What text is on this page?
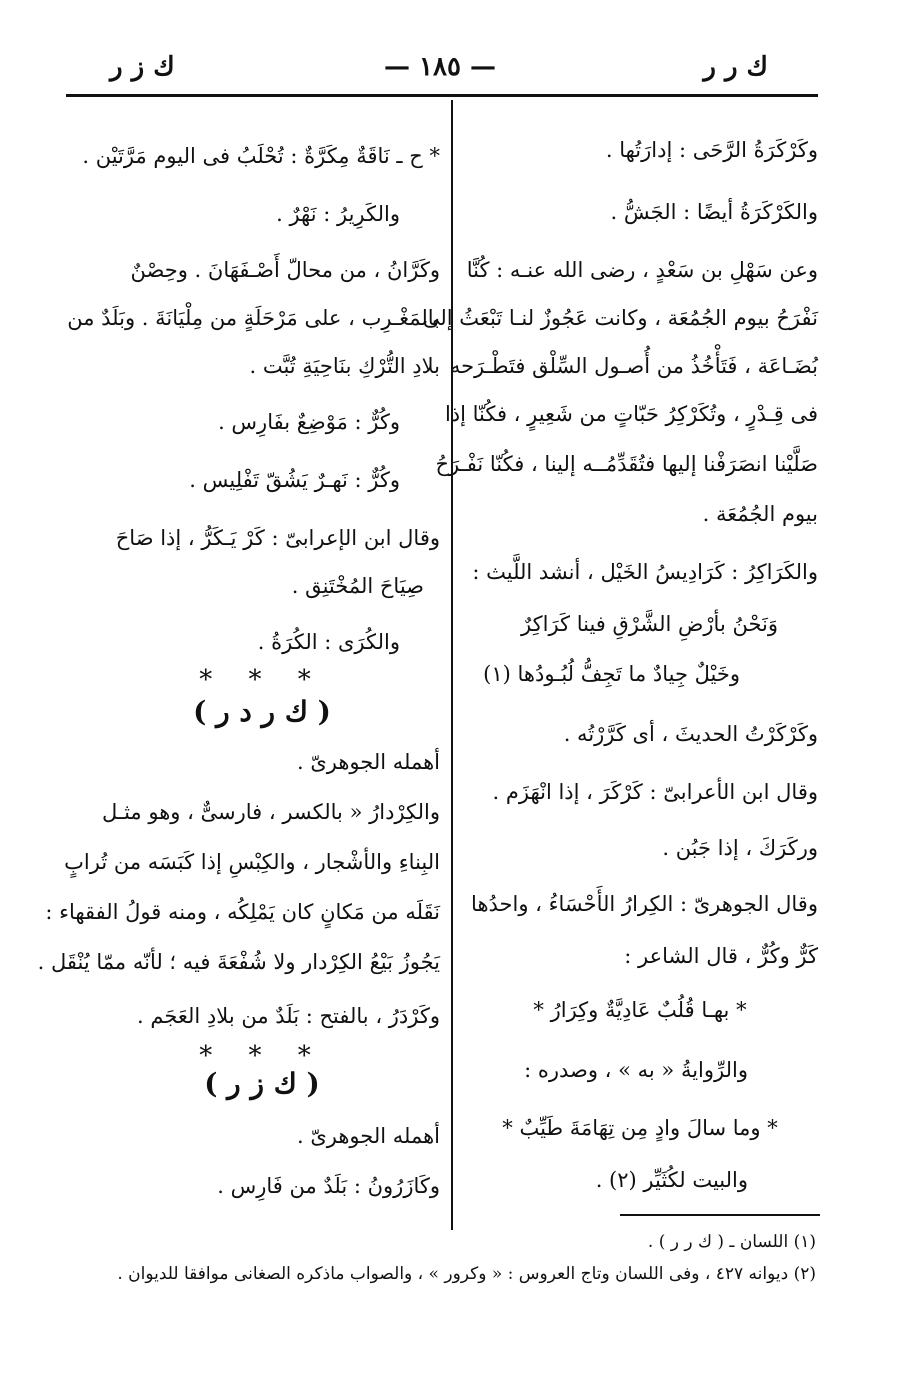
ك ر ر
— ١٨٥ —
ك ز ر
وكَرْكَرَةُ الرَّحَى : إدارَتُها .
والكَرْكَرَةُ أيضًا : الجَشُّ .
وعن سَهْلِ بن سَعْدٍ ، رضى الله عنـه : كُنَّا
نَفْرَحُ بيوم الجُمُعَة ، وكانت عَجُوزٌ لنـا تَبْعَثُ إلى
بُضَـاعَة ، فَتَأْخُذُ من أُصـول السِّلْق فتَطْـرَحه
فى قِـدْرٍ ، وتُكَرْكِرُ حَبّاتٍ من شَعِيرٍ ، فكُنّا إذا
صَلَّيْنا انصَرَفْنا إليها فتُقَدِّمُــه إلينا ، فكُنّا نَفْـرَحُ
بيوم الجُمُعَة .
والكَرَاكِرُ : كَرَادِيسُ الخَيْل ، أنشد اللَّيث :
وَنَحْنُ بأرْضِ الشَّرْقِ فينا كَرَاكِرٌ
وخَيْلٌ جِيادٌ ما تَجِفُّ لُبُـودُها (١)
وكَرْكَرْتُ الحديثَ ، أى كَرَّرْتُه .
وقال ابن الأعرابىّ : كَرْكَرَ ، إذا انْهَزَم .
وركَرَكَ ، إذا جَبُن .
وقال الجوهرىّ : الكِرارُ الأَحْسَاءُ ، واحدُها
كَرٌّ وكُرٌّ ، قال الشاعر :
* بهـا قُلُبٌ عَادِيَّةٌ وكِرَارُ *
والرِّوايةُ « به » ، وصدره :
* وما سالَ وادٍ مِن تِهَامَةَ طَيِّبٌ *
والبيت لكُثَيِّر (٢) .
* ح ـ نَاقَةٌ مِكَرَّةٌ : تُحْلَبُ فى اليوم مَرَّتَيْن .
والكَرِيرُ : نَهْرٌ .
وكَرَّانُ ، من محالّ أَصْـفَهَانَ . وحِصْنٌ
بالمَغْـرِب ، على مَرْحَلَةٍ من مِلْيَانَةَ . وبَلَدٌ من
بلادِ التُّرْكِ بنَاحِيَةِ تُبَّت .
وكُرٌّ : مَوْضِعٌ بفَارِس .
وكُرٌّ : نَهـرٌ يَشُقّ تَفْلِيس .
وقال ابن الإعرابىّ : كَرْ يَـكَرُّ ، إذا صَاحَ
صِيَاحَ المُخْتَنِق .
والكُرَى : الكُرَةُ .
* * *
( ك ر د ر )
أهمله الجوهرىّ .
والكِرْدارُ « بالكسر ، فارسىٌّ ، وهو مثـل
البِناءِ والأشْجار ، والكِبْسِ إذا كَبَسَه من تُرابٍ
نَقَلَه من مَكانٍ كان يَمْلِكُه ، ومنه قولُ الفقهاء :
يَجُوزُ بَيْعُ الكِرْدار ولا شُفْعَةَ فيه ؛ لأنّه ممّا يُنْقَل .
وكَرْدَرُ ، بالفتح : بَلَدٌ من بلادِ العَجَم .
* * *
( ك ز ر )
أهمله الجوهرىّ .
وكَازَرُونُ : بَلَدٌ من فَارِس .
(١) اللسان ـ ( ك ر ر ) .
(٢) ديوانه ٤٢٧ ، وفى اللسان وتاج العروس : « وكرور » ، والصواب ماذكره الصغانى موافقا للديوان .
